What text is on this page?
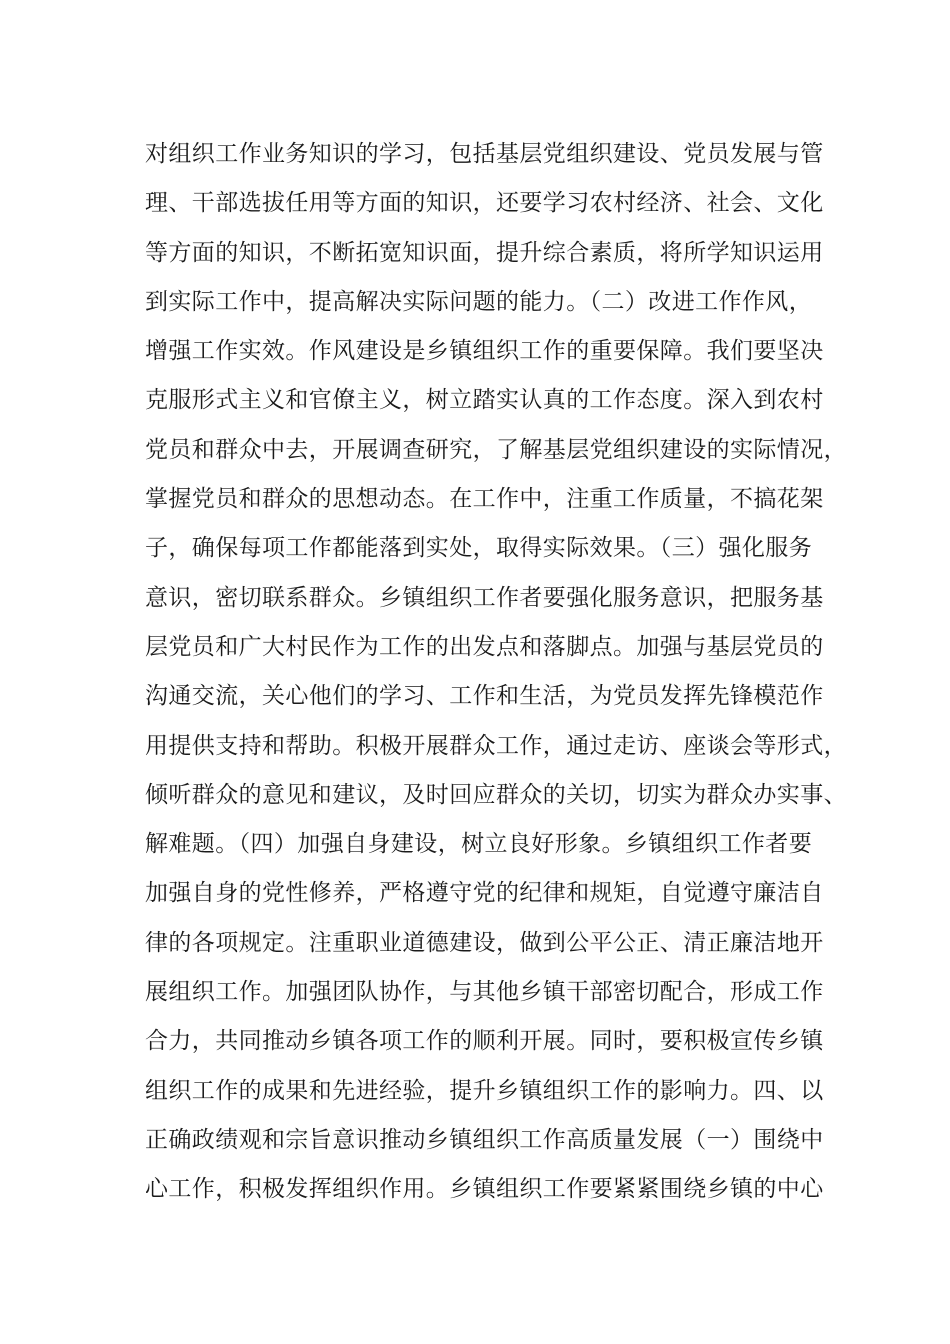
对组织工作业务知识的学习，包括基层党组织建设、党员发展与管
理、干部选拔任用等方面的知识，还要学习农村经济、社会、文化
等方面的知识，不断拓宽知识面，提升综合素质，将所学知识运用
到实际工作中，提高解决实际问题的能力。（二）改进工作作风，
增强工作实效。作风建设是乡镇组织工作的重要保障。我们要坚决
克服形式主义和官僚主义，树立踏实认真的工作态度。深入到农村
党员和群众中去，开展调查研究，了解基层党组织建设的实际情况，
掌握党员和群众的思想动态。在工作中，注重工作质量，不搞花架
子，确保每项工作都能落到实处，取得实际效果。（三）强化服务
意识，密切联系群众。乡镇组织工作者要强化服务意识，把服务基
层党员和广大村民作为工作的出发点和落脚点。加强与基层党员的
沟通交流，关心他们的学习、工作和生活，为党员发挥先锋模范作
用提供支持和帮助。积极开展群众工作，通过走访、座谈会等形式，
倾听群众的意见和建议，及时回应群众的关切，切实为群众办实事、
解难题。（四）加强自身建设，树立良好形象。乡镇组织工作者要
加强自身的党性修养，严格遵守党的纪律和规矩，自觉遵守廉洁自
律的各项规定。注重职业道德建设，做到公平公正、清正廉洁地开
展组织工作。加强团队协作，与其他乡镇干部密切配合，形成工作
合力，共同推动乡镇各项工作的顺利开展。同时，要积极宣传乡镇
组织工作的成果和先进经验，提升乡镇组织工作的影响力。四、以
正确政绩观和宗旨意识推动乡镇组织工作高质量发展（一）围绕中
心工作，积极发挥组织作用。乡镇组织工作要紧紧围绕乡镇的中心
